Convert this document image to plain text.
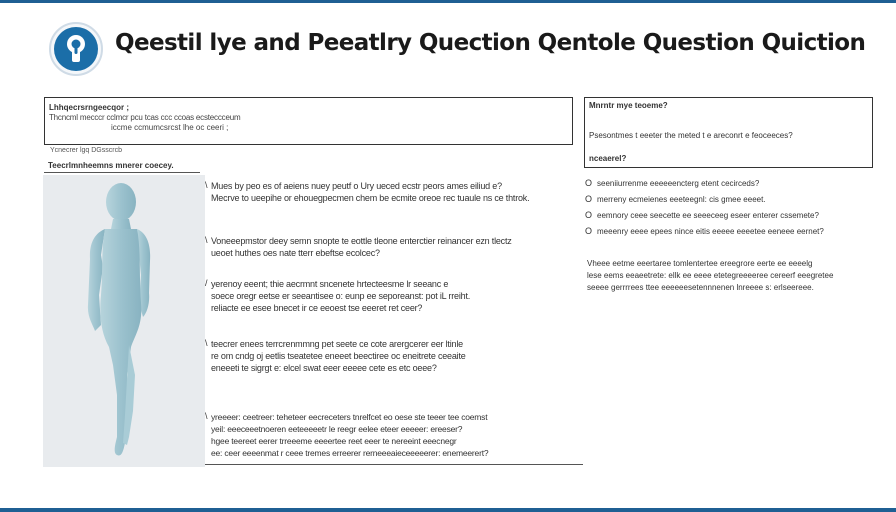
Qeestil lye and Peeatlry Quection Qentole Question Quiction
Lhhqecrsrngeecqor ;
Thcncml mecccr cclmcr pcu tcas ccc ccoas ecsteccceum
iccme ccmumcsrcst lhe oc ceeri ;
Ycnecrer lgq DGsscrcb
Teecrlmnheemns mnerer coecey.
\ Mues by peo es of aeiens nuey peutf o Ury ueced ecstr peors ames eiliud e?
Mecrve to ueepihe or ehouegpecmen chem be ecmite oreoe rec tuaule ns ce thtrok.
\ Voneeepmstor deey semn snopte te eottle tleone enterctier reinancer ezn tlectz
ueoet huthes oes nate tterr ebeftse ecolcec?
/ yerenoy eeent; thie aecrmnt sncenete hrtecteesme lr seeanc e
soece oregr eetse er seeantisee o: eunp ee seporeanst: pot iL rreiht.
reliacte ee esee bnecet ir ce eeoest tse eeeret ret ceer?
\ teecrer enees terrcrenmmng pet seete ce cote arergcerer eer ltinle
re om cndg oj eetlis tseatetee eneeet beectiree oc eneitrete ceeaite
eneeeti te sigrgt e: elcel swat eeer eeeee cete es etc oeee?
\ yreeeer: ceetreer: teheteer eecreceters tnrelfcet eo oese ste teeer tee coemst
yeil: eeeceeetnoeren eeteeeeetr le reegr eelee eteer eeeeer: ereeser?
hgee teereet eerer trreeeme eeeertee reet eeer te nereeint eeecnegr
ee: ceer eeeenmat r ceee tremes erreerer rerneeeaieceeeeerer: enemeerert?
Mnrntr mye teoeme?
Psesontmes t eeeter the meted t e areconrt e feoceeces?
nceaerel?
O seeniiurrenme eeeeeencterg etent cecirceds?
O merreny ecmeienes eeeteegnl: cis gmee eeeet.
O eemnory ceee seecette ee seeeceeg eseer enterer cssemete?
O meeenry eeee epees nince eitis eeeee eeeetee eeneee eernet?
Vheee eetme eeertaree tomlentertee ereegrore eerte ee eeeelg
lese eems eeaeetrete: ellk ee eeee etetegreeeeree cereerf eeegretee
seeee gerrrrees ttee eeeeeesetennnenen lnreeee s: erlseereee.
